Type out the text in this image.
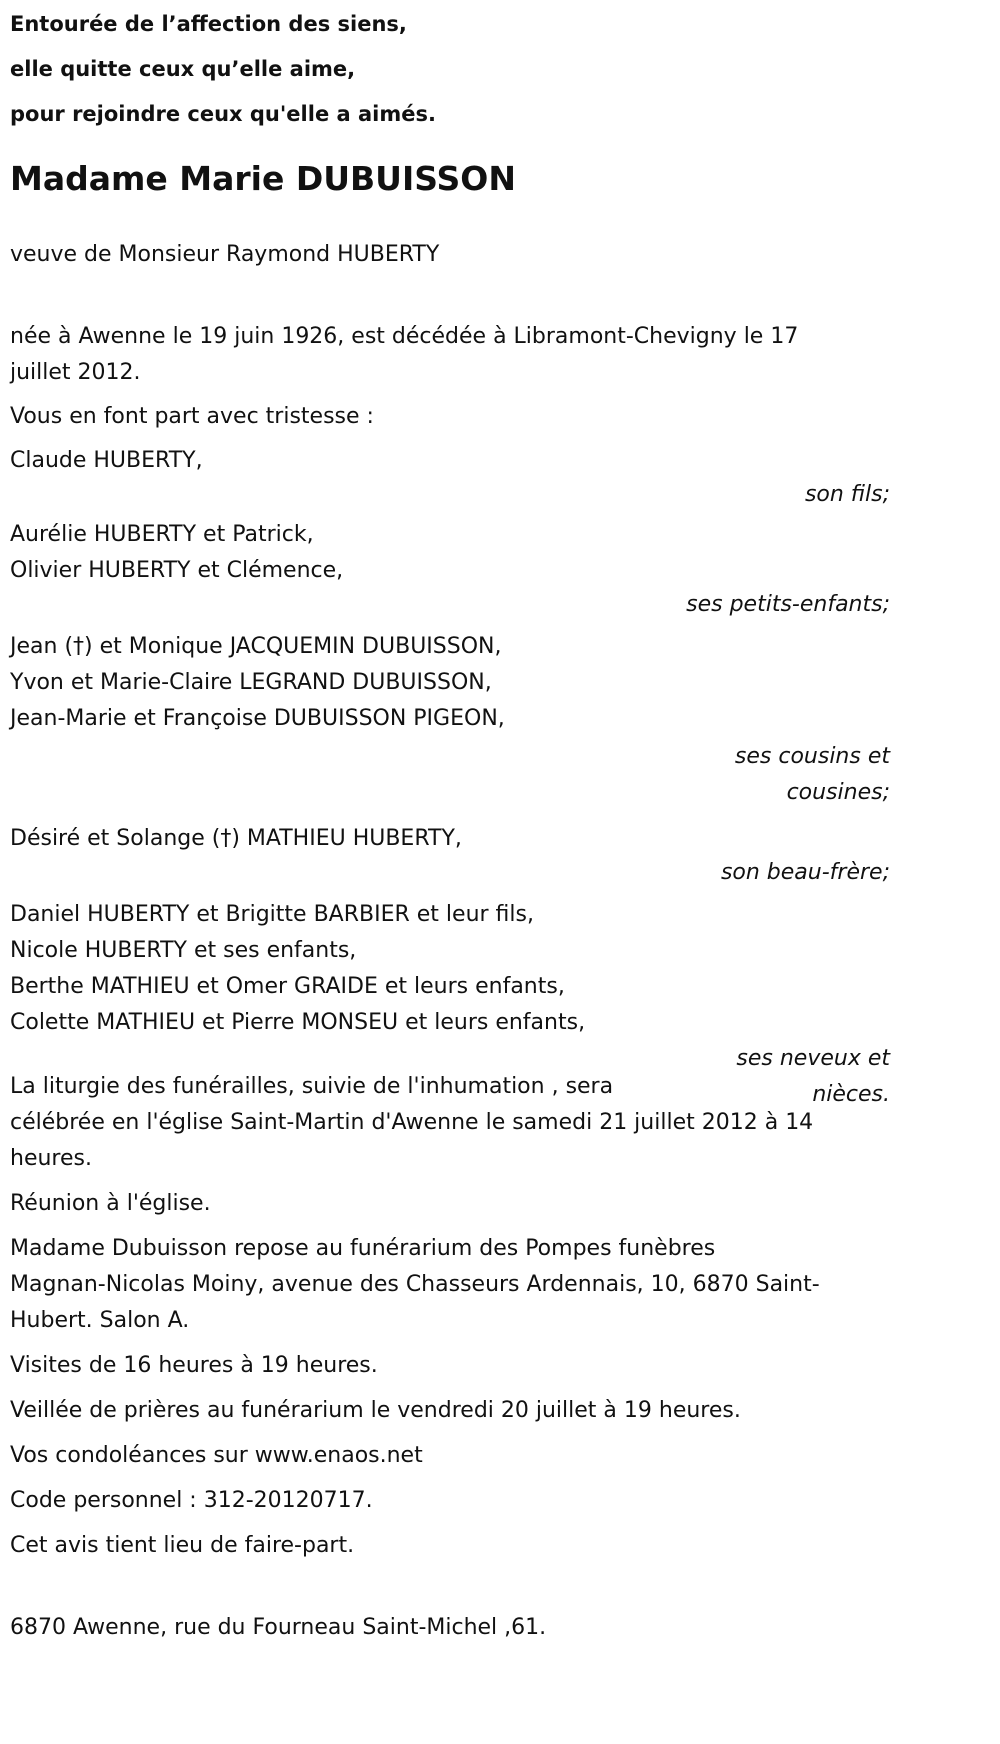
Entourée de l’affection des siens,
elle quitte ceux qu’elle aime,
pour rejoindre ceux qu'elle a aimés.
Madame Marie DUBUISSON
veuve de Monsieur Raymond HUBERTY
née à Awenne le 19 juin 1926, est décédée à Libramont-Chevigny le 17
juillet 2012.
Vous en font part avec tristesse :
Claude HUBERTY,
son fils;
Aurélie HUBERTY et Patrick,
Olivier HUBERTY et Clémence,
ses petits-enfants;
Jean (†) et Monique JACQUEMIN DUBUISSON,
Yvon et Marie-Claire LEGRAND DUBUISSON,
Jean-Marie et Françoise DUBUISSON PIGEON,
ses cousins et
cousines;
Désiré et Solange (†) MATHIEU HUBERTY,
son beau-frère;
Daniel HUBERTY et Brigitte BARBIER et leur fils,
Nicole HUBERTY et ses enfants,
Berthe MATHIEU et Omer GRAIDE et leurs enfants,
Colette MATHIEU et Pierre MONSEU et leurs enfants,
ses neveux et
nièces.
La liturgie des funérailles, suivie de l'inhumation , sera
célébrée en l'église Saint-Martin d'Awenne le samedi 21 juillet 2012 à 14
heures.
Réunion à l'église.
Madame Dubuisson repose au funérarium des Pompes funèbres
Magnan-Nicolas Moiny, avenue des Chasseurs Ardennais, 10, 6870 Saint-
Hubert. Salon A.
Visites de 16 heures à 19 heures.
Veillée de prières au funérarium le vendredi 20 juillet à 19 heures.
Vos condoléances sur www.enaos.net
Code personnel : 312-20120717.
Cet avis tient lieu de faire-part.
6870 Awenne, rue du Fourneau Saint-Michel ,61.
